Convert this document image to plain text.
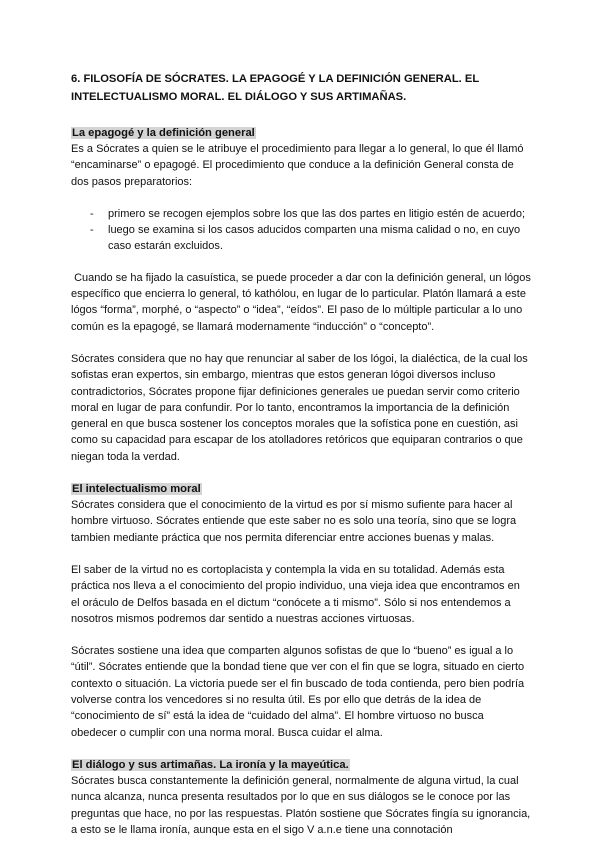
6. FILOSOFÍA DE SÓCRATES. LA EPAGOGÉ Y LA DEFINICIÓN GENERAL. EL INTELECTUALISMO MORAL. EL DIÁLOGO Y SUS ARTIMAÑAS.
La epagogé y la definición general

Es a Sócrates a quien se le atribuye el procedimiento para llegar a lo general, lo que él llamó “encaminarse” o epagogé. El procedimiento que conduce a la definición General consta de dos pasos preparatorios:

- primero se recogen ejemplos sobre los que las dos partes en litigio estén de acuerdo;
- luego se examina si los casos aducidos comparten una misma calidad o no, en cuyo caso estarán excluidos.

Cuando se ha fijado la casuística, se puede proceder a dar con la definición general, un lógos específico que encierra lo general, tó kathólou, en lugar de lo particular. Platón llamará a este lógos “forma”, morphé, o “aspecto” o “idea”, “eídos”. El paso de lo múltiple particular a lo uno común es la epagogé, se llamará modernamente “inducción” o “concepto”.

Sócrates considera que no hay que renunciar al saber de los lógoi, la dialéctica, de la cual los sofistas eran expertos, sin embargo, mientras que estos generan lógoi diversos incluso contradictorios, Sócrates propone fijar definiciones generales ue puedan servir como criterio moral en lugar de para confundir. Por lo tanto, encontramos la importancia de la definición general en que busca sostener los conceptos morales que la sofística pone en cuestión, asi como su capacidad para escapar de los atolladores retóricos que equiparan contrarios o que niegan toda la verdad.

El intelectualismo moral

Sócrates considera que el conocimiento de la virtud es por sí mismo sufiente para hacer al hombre virtuoso. Sócrates entiende que este saber no es solo una teoría, sino que se logra tambien mediante práctica que nos permita diferenciar entre acciones buenas y malas.

El saber de la virtud no es cortoplacista y contempla la vida en su totalidad. Además esta práctica nos lleva a el conocimiento del propio individuo, una vieja idea que encontramos en el oráculo de Delfos basada en el dictum “conócete a ti mismo”. Sólo si nos entendemos a nosotros mismos podremos dar sentido a nuestras acciones virtuosas.

Sócrates sostiene una idea que comparten algunos sofistas de que lo “bueno” es igual a lo “útil”. Sócrates entiende que la bondad tiene que ver con el fin que se logra, situado en cierto contexto o situación. La victoria puede ser el fin buscado de toda contienda, pero bien podría volverse contra los vencedores si no resulta útil. Es por ello que detrás de la idea de “conocimiento de sí” está la idea de “cuidado del alma”. El hombre virtuoso no busca obedecer o cumplir con una norma moral. Busca cuidar el alma.

El diálogo y sus artimañas. La ironía y la mayeútica.

Sócrates busca constantemente la definición general, normalmente de alguna virtud, la cual nunca alcanza, nunca presenta resultados por lo que en sus diálogos se le conoce por las preguntas que hace, no por las respuestas. Platón sostiene que Sócrates fingía su ignorancia, a esto se le llama ironía, aunque esta en el sigo V a.n.e tiene una connotación
